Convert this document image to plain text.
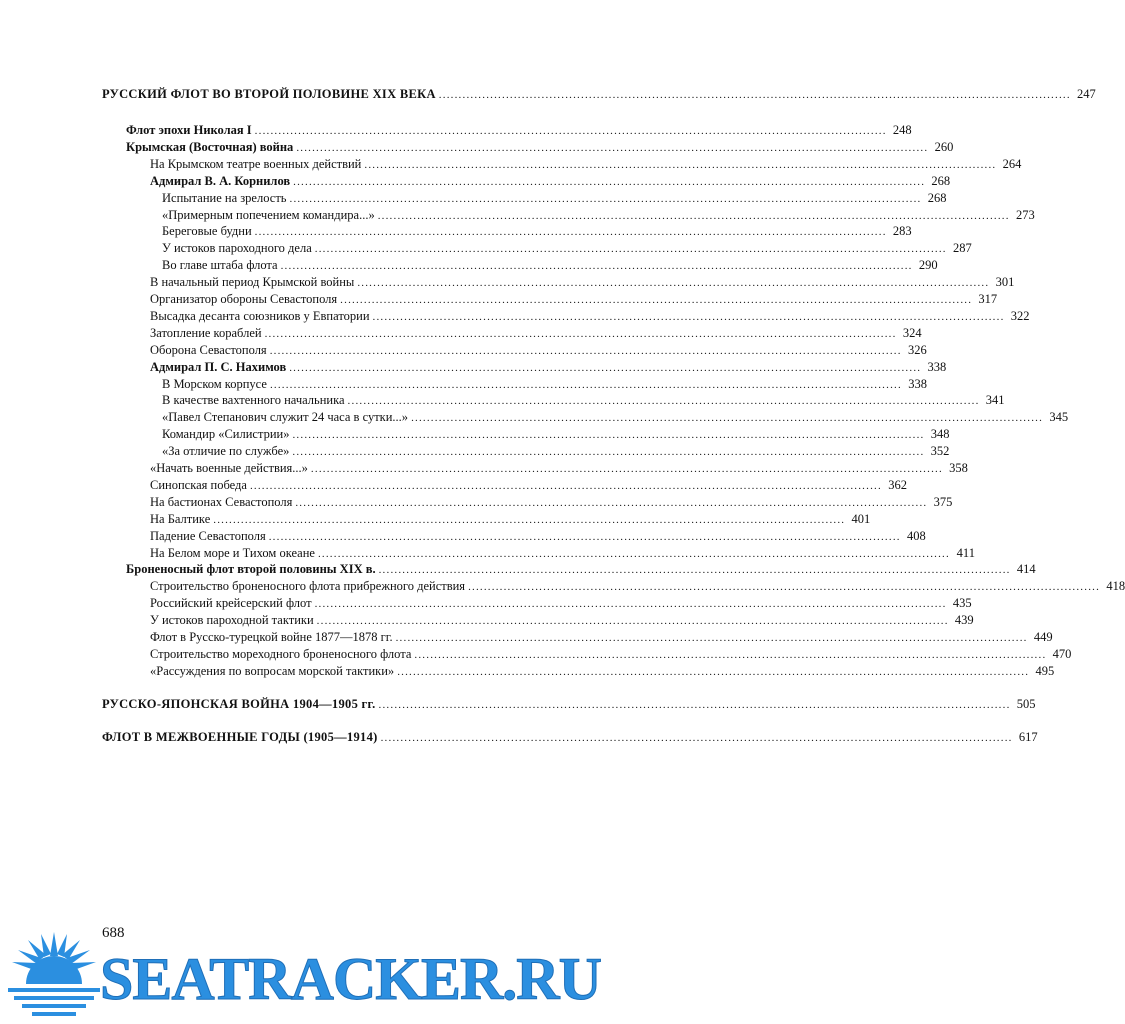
РУССКИЙ ФЛОТ ВО ВТОРОЙ ПОЛОВИНЕ XIX ВЕКА ................................................................................................................................................................ 247
Флот эпохи Николая I ................................................................................................................................................................ 248
Крымская (Восточная) война ................................................................................................................................................................ 260
На Крымском театре военных действий ................................................................................................................................................................ 264
Адмирал В. А. Корнилов ................................................................................................................................................................ 268
Испытание на зрелость ................................................................................................................................................................ 268
«Примерным попечением командира...» ................................................................................................................................................................ 273
Береговые будни ................................................................................................................................................................ 283
У истоков пароходного дела ................................................................................................................................................................ 287
Во главе штаба флота ................................................................................................................................................................ 290
В начальный период Крымской войны ................................................................................................................................................................ 301
Организатор обороны Севастополя ................................................................................................................................................................ 317
Высадка десанта союзников у Евпатории ................................................................................................................................................................ 322
Затопление кораблей ................................................................................................................................................................ 324
Оборона Севастополя ................................................................................................................................................................ 326
Адмирал П. С. Нахимов ................................................................................................................................................................ 338
В Морском корпусе ................................................................................................................................................................ 338
В качестве вахтенного начальника ................................................................................................................................................................ 341
«Павел Степанович служит 24 часа в сутки...» ................................................................................................................................................................ 345
Командир «Силистрии» ................................................................................................................................................................ 348
«За отличие по службе» ................................................................................................................................................................ 352
«Начать военные действия...» ................................................................................................................................................................ 358
Синопская победа ................................................................................................................................................................ 362
На бастионах Севастополя ................................................................................................................................................................ 375
На Балтике ................................................................................................................................................................ 401
Падение Севастополя ................................................................................................................................................................ 408
На Белом море и Тихом океане ................................................................................................................................................................ 411
Броненосный флот второй половины XIX в. ................................................................................................................................................................ 414
Строительство броненосного флота прибрежного действия ................................................................................................................................................................ 418
Российский крейсерский флот ................................................................................................................................................................ 435
У истоков пароходной тактики ................................................................................................................................................................ 439
Флот в Русско-турецкой войне 1877—1878 гг. ................................................................................................................................................................ 449
Строительство мореходного броненосного флота ................................................................................................................................................................ 470
«Рассуждения по вопросам морской тактики» ................................................................................................................................................................ 495
РУССКО-ЯПОНСКАЯ ВОЙНА 1904—1905 гг. ................................................................................................................................................................ 505
ФЛОТ В МЕЖВОЕННЫЕ ГОДЫ (1905—1914) ................................................................................................................................................................ 617
688
SEATRACKER.RU
